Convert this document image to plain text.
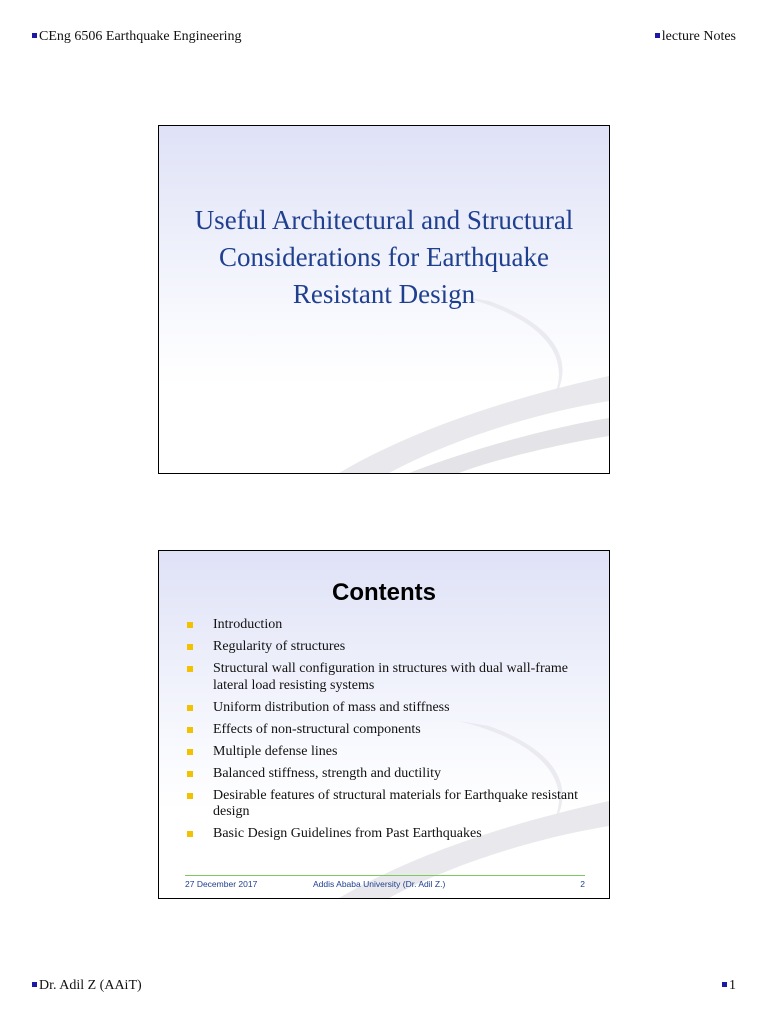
CEng 6506 Earthquake Engineering	lecture Notes
Useful Architectural and Structural Considerations for Earthquake Resistant Design
Contents
Introduction
Regularity of structures
Structural wall configuration in structures with dual wall-frame lateral load resisting systems
Uniform distribution of mass and stiffness
Effects of non-structural components
Multiple defense lines
Balanced stiffness, strength and ductility
Desirable features of structural materials for Earthquake resistant design
Basic Design Guidelines from Past Earthquakes
27 December 2017	Addis Ababa University (Dr. Adil Z.)	2
Dr. Adil Z (AAiT)	1
